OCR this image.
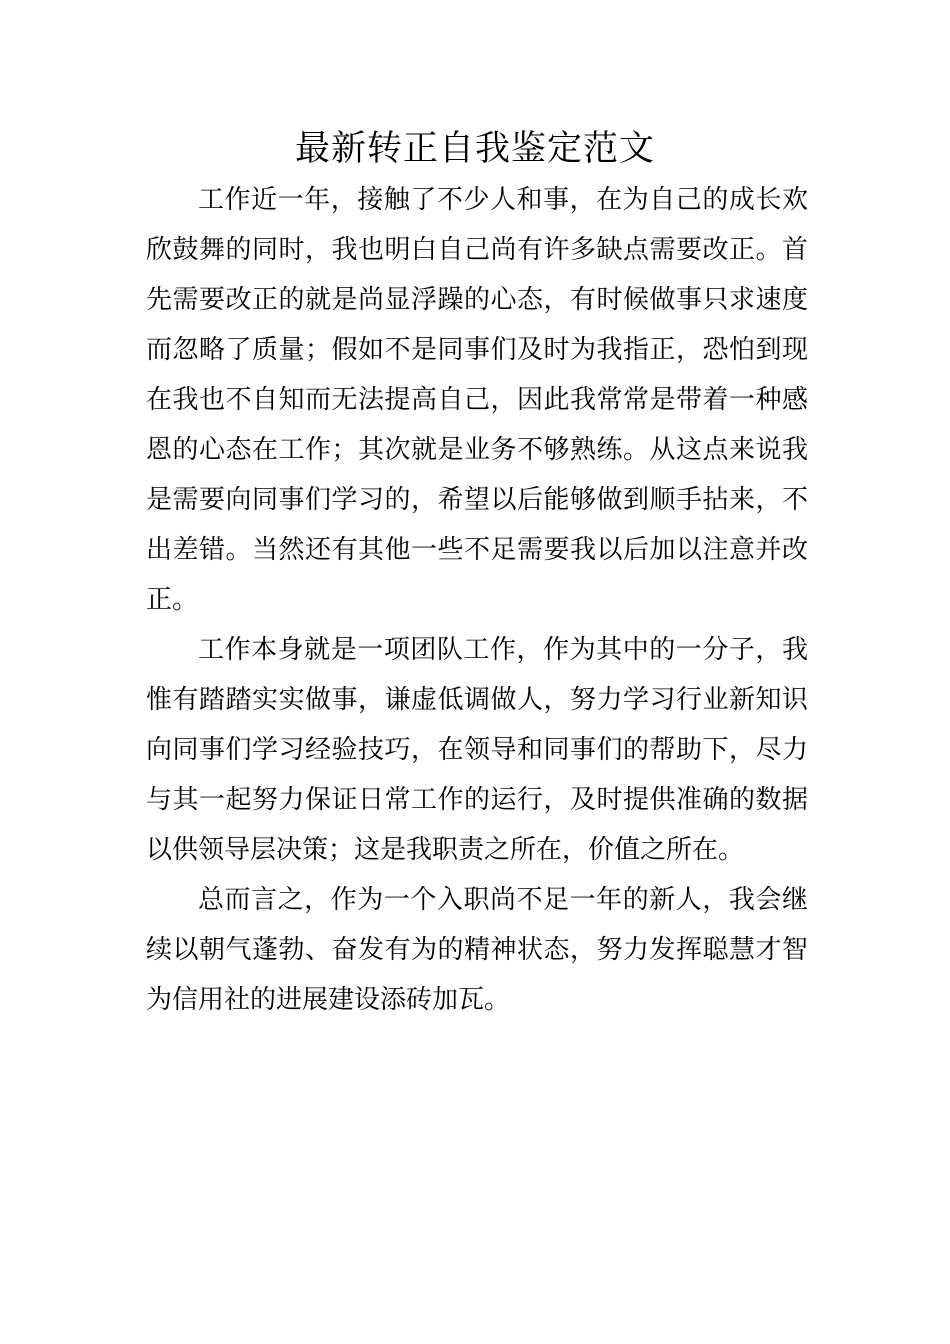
最新转正自我鉴定范文

工作近一年，接触了不少人和事，在为自己的成长欢欣鼓舞的同时，我也明白自己尚有许多缺点需要改正。首先需要改正的就是尚显浮躁的心态，有时候做事只求速度而忽略了质量；假如不是同事们及时为我指正，恐怕到现在我也不自知而无法提高自己，因此我常常是带着一种感恩的心态在工作；其次就是业务不够熟练。从这点来说我是需要向同事们学习的，希望以后能够做到顺手拈来，不出差错。当然还有其他一些不足需要我以后加以注意并改正。

工作本身就是一项团队工作，作为其中的一分子，我惟有踏踏实实做事，谦虚低调做人，努力学习行业新知识向同事们学习经验技巧，在领导和同事们的帮助下，尽力与其一起努力保证日常工作的运行，及时提供准确的数据以供领导层决策；这是我职责之所在，价值之所在。

总而言之，作为一个入职尚不足一年的新人，我会继续以朝气蓬勃、奋发有为的精神状态，努力发挥聪慧才智为信用社的进展建设添砖加瓦。
